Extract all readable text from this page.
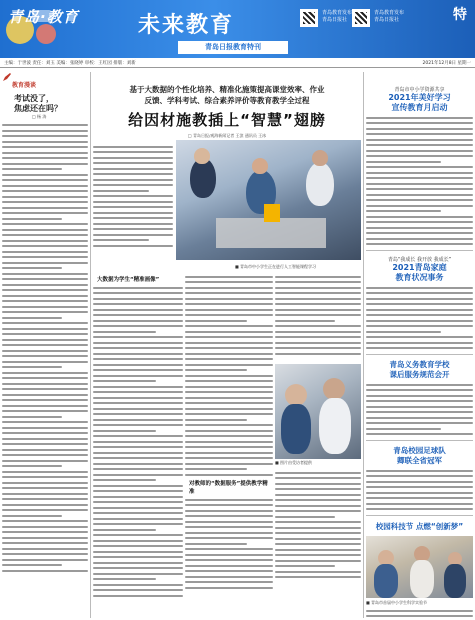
青岛·教育	未来教育
青岛日报教育特刊
青岛教育发布
青岛日报社
青岛教育发布
青岛日报社	特
主编：于世波 责任：刘玉 美编：张晓婷 审校：王红园 排版：刘新	2021年12月8日 星期一
教育漫谈
考试没了，
焦虑还在吗？
□ 杨 涛
基于大数据的个性化培养、精准化施策提高课堂效率、作业
反馈、学科考试、综合素养评价等教育教学全过程
给因材施教插上“智慧”翅膀
□ 青岛日报/观海新闻记者 王滨 通讯员 王冰
■ 青岛市中小学生正在进行人工智能课程学习
大数据为学生“精准画像”
对教师的“数据服务”提供教学精准
■ 图片由受访者提供
青岛市中小学资源共享
2021年美好学习
宣传教育月启动
青岛“我成长 我开放 我成长”
2021青岛家庭
教育状况事务
青岛义务教育学校
课后服务规范会开
青岛校园足球队
卿联全省冠军
校园科技节 点燃“创新梦”
■ 青岛市首届中小学生科学实验节
